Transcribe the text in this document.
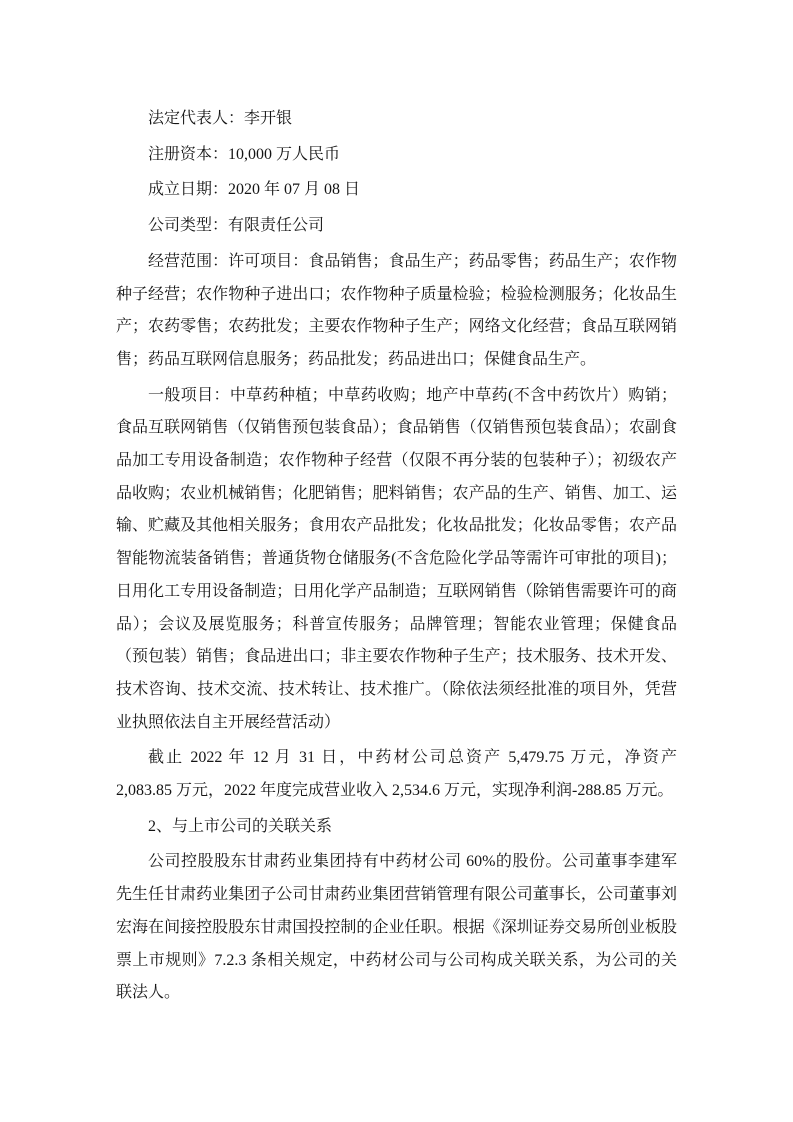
法定代表人：李开银

注册资本：10,000 万人民币

成立日期：2020 年 07 月 08 日

公司类型：有限责任公司

经营范围：许可项目：食品销售；食品生产；药品零售；药品生产；农作物种子经营；农作物种子进出口；农作物种子质量检验；检验检测服务；化妆品生产；农药零售；农药批发；主要农作物种子生产；网络文化经营；食品互联网销售；药品互联网信息服务；药品批发；药品进出口；保健食品生产。

一般项目：中草药种植；中草药收购；地产中草药(不含中药饮片）购销；食品互联网销售（仅销售预包装食品）；食品销售（仅销售预包装食品）；农副食品加工专用设备制造；农作物种子经营（仅限不再分装的包装种子）；初级农产品收购；农业机械销售；化肥销售；肥料销售；农产品的生产、销售、加工、运输、贮藏及其他相关服务；食用农产品批发；化妆品批发；化妆品零售；农产品智能物流装备销售；普通货物仓储服务(不含危险化学品等需许可审批的项目)；日用化工专用设备制造；日用化学产品制造；互联网销售（除销售需要许可的商品）；会议及展览服务；科普宣传服务；品牌管理；智能农业管理；保健食品（预包装）销售；食品进出口；非主要农作物种子生产；技术服务、技术开发、技术咨询、技术交流、技术转让、技术推广。（除依法须经批准的项目外，凭营业执照依法自主开展经营活动）

截止 2022 年 12 月 31 日，中药材公司总资产 5,479.75 万元，净资产 2,083.85 万元，2022 年度完成营业收入 2,534.6 万元，实现净利润-288.85 万元。

2、与上市公司的关联关系

公司控股股东甘肃药业集团持有中药材公司 60%的股份。公司董事李建军先生任甘肃药业集团子公司甘肃药业集团营销管理有限公司董事长，公司董事刘宏海在间接控股股东甘肃国投控制的企业任职。根据《深圳证券交易所创业板股票上市规则》7.2.3 条相关规定，中药材公司与公司构成关联关系，为公司的关联法人。
